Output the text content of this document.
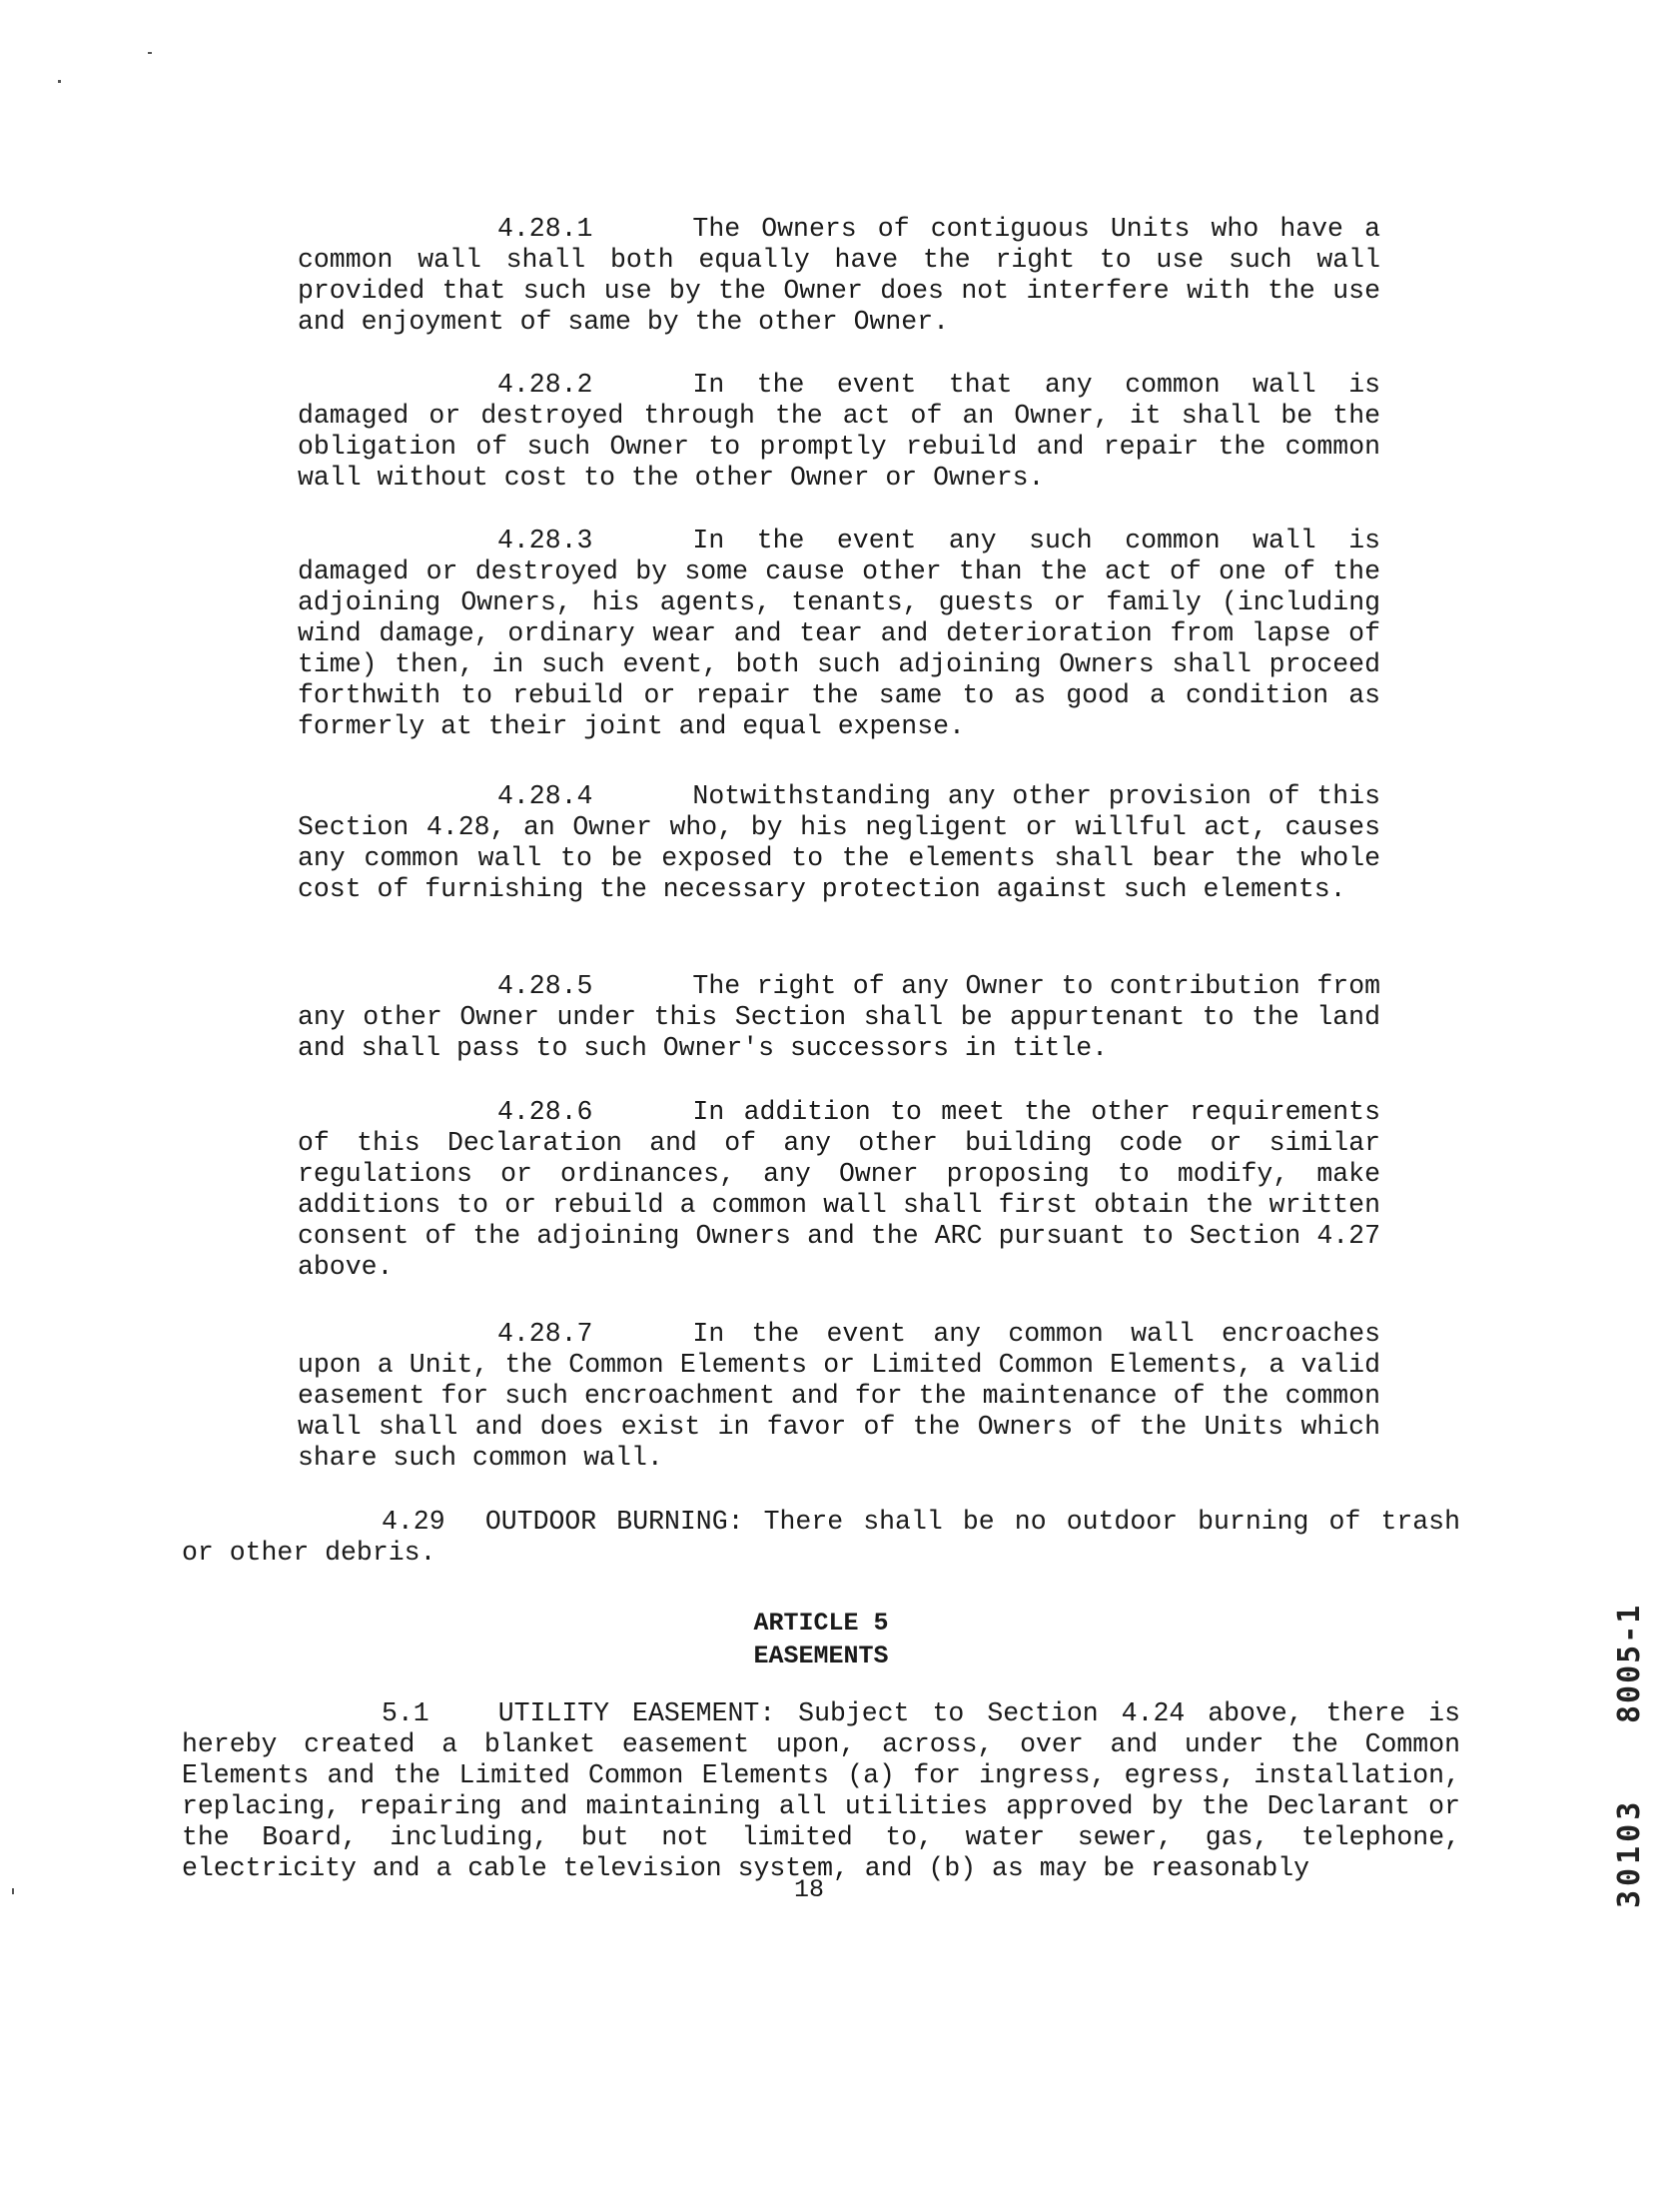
4.28.1	The Owners of contiguous Units who have a common wall shall both equally have the right to use such wall provided that such use by the Owner does not interfere with the use and enjoyment of same by the other Owner.

4.28.2	In the event that any common wall is damaged or destroyed through the act of an Owner, it shall be the obligation of such Owner to promptly rebuild and repair the common wall without cost to the other Owner or Owners.

4.28.3	In the event any such common wall is damaged or destroyed by some cause other than the act of one of the adjoining Owners, his agents, tenants, guests or family (including wind damage, ordinary wear and tear and deterioration from lapse of time) then, in such event, both such adjoining Owners shall proceed forthwith to rebuild or repair the same to as good a condition as formerly at their joint and equal expense.

4.28.4	Notwithstanding any other provision of this Section 4.28, an Owner who, by his negligent or willful act, causes any common wall to be exposed to the elements shall bear the whole cost of furnishing the necessary protection against such elements.

4.28.5	The right of any Owner to contribution from any other Owner under this Section shall be appurtenant to the land and shall pass to such Owner's successors in title.

4.28.6	In addition to meet the other requirements of this Declaration and of any other building code or similar regulations or ordinances, any Owner proposing to modify, make additions to or rebuild a common wall shall first obtain the written consent of the adjoining Owners and the ARC pursuant to Section 4.27 above.

4.28.7	In the event any common wall encroaches upon a Unit, the Common Elements or Limited Common Elements, a valid easement for such encroachment and for the maintenance of the common wall shall and does exist in favor of the Owners of the Units which share such common wall.

4.29 OUTDOOR BURNING: There shall be no outdoor burning of trash or other debris.

ARTICLE 5
EASEMENTS

5.1	UTILITY EASEMENT: Subject to Section 4.24 above, there is hereby created a blanket easement upon, across, over and under the Common Elements and the Limited Common Elements (a) for ingress, egress, installation, replacing, repairing and maintaining all utilities approved by the Declarant or the Board, including, but not limited to, water sewer, gas, telephone, electricity and a cable television system, and (b) as may be reasonably

18	30103
8005-1
